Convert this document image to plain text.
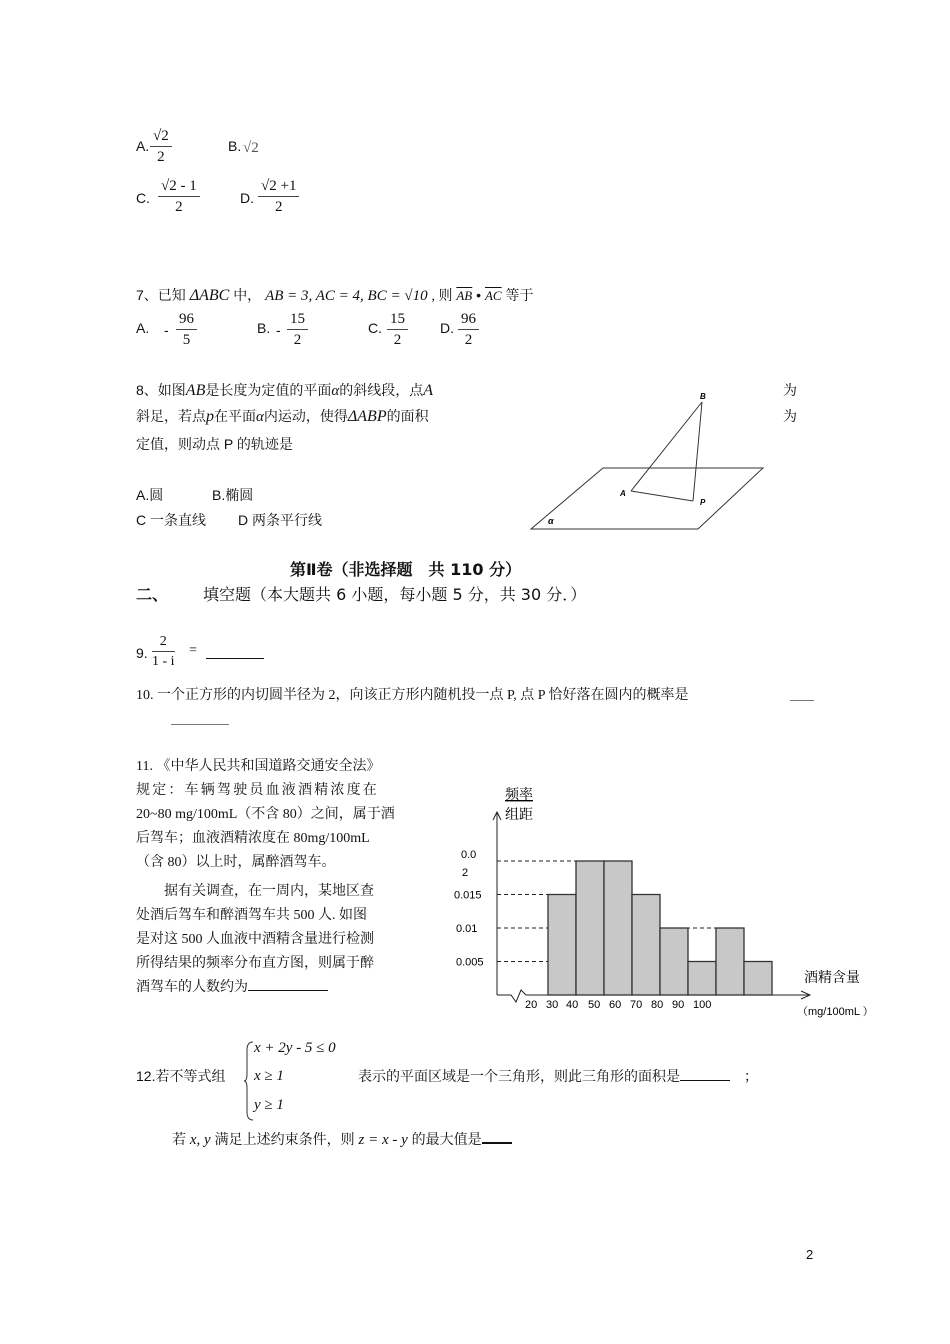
A. $\frac{√2}{2}$	B. √2
C. $\frac{√2 - 1}{2}$	D. $\frac{√2 +1}{2}$
7、已知 ΔABC 中， AB = 3, AC = 4, BC = √10 , 则 $\overline{AB}$ • $\overline{AC}$ 等于
A. - $\frac{96}{5}$	B. - $\frac{15}{2}$	C. $\frac{15}{2} D$. $\frac{96}{2}$
8、如图AB是长度为定值的平面α的斜线段，点A	为
斜足，若点p在平面α内运动，使得ΔABP的面积	为
定值，则动点 P 的轨迹是
A.圆	B.椭圆
C 一条直线 D 两条平行线
B
A
P
α
第Ⅱ卷（非选择题　共 110 分）
二、 填空题（本大题共 6 小题，每小题 5 分，共 30 分．）
9. $\frac{2}{1 - i}$ =
10. 一个正方形的内切圆半径为 2，向该正方形内随机投一点 P, 点 P 恰好落在圆内的概率是
11. 《中华人民共和国道路交通安全法》
规定：车辆驾驶员血液酒精浓度在
20~80 mg/100mL（不含 80）之间，属于酒
后驾车；血液酒精浓度在 80mg/100mL
（含 80）以上时，属醉酒驾车。
据有关调查，在一周内，某地区查
处酒后驾车和醉酒驾车共 500 人. 如图
是对这 500 人血液中酒精含量进行检测
所得结果的频率分布直方图，则属于醉
酒驾车的人数约为
20 30 40 50 60 70 80 90 100
0.005
0.01
0.015
0.0
2
频率
组距
酒精含量
（mg/100mL ）
12.若不等式组
x + 2y - 5 ≤ 0
x ≥ 1
y ≥ 1
表示的平面区域是一个三角形，则此三角形的面积是	；
若 x, y 满足上述约束条件，则 z = x - y 的最大值是
2
